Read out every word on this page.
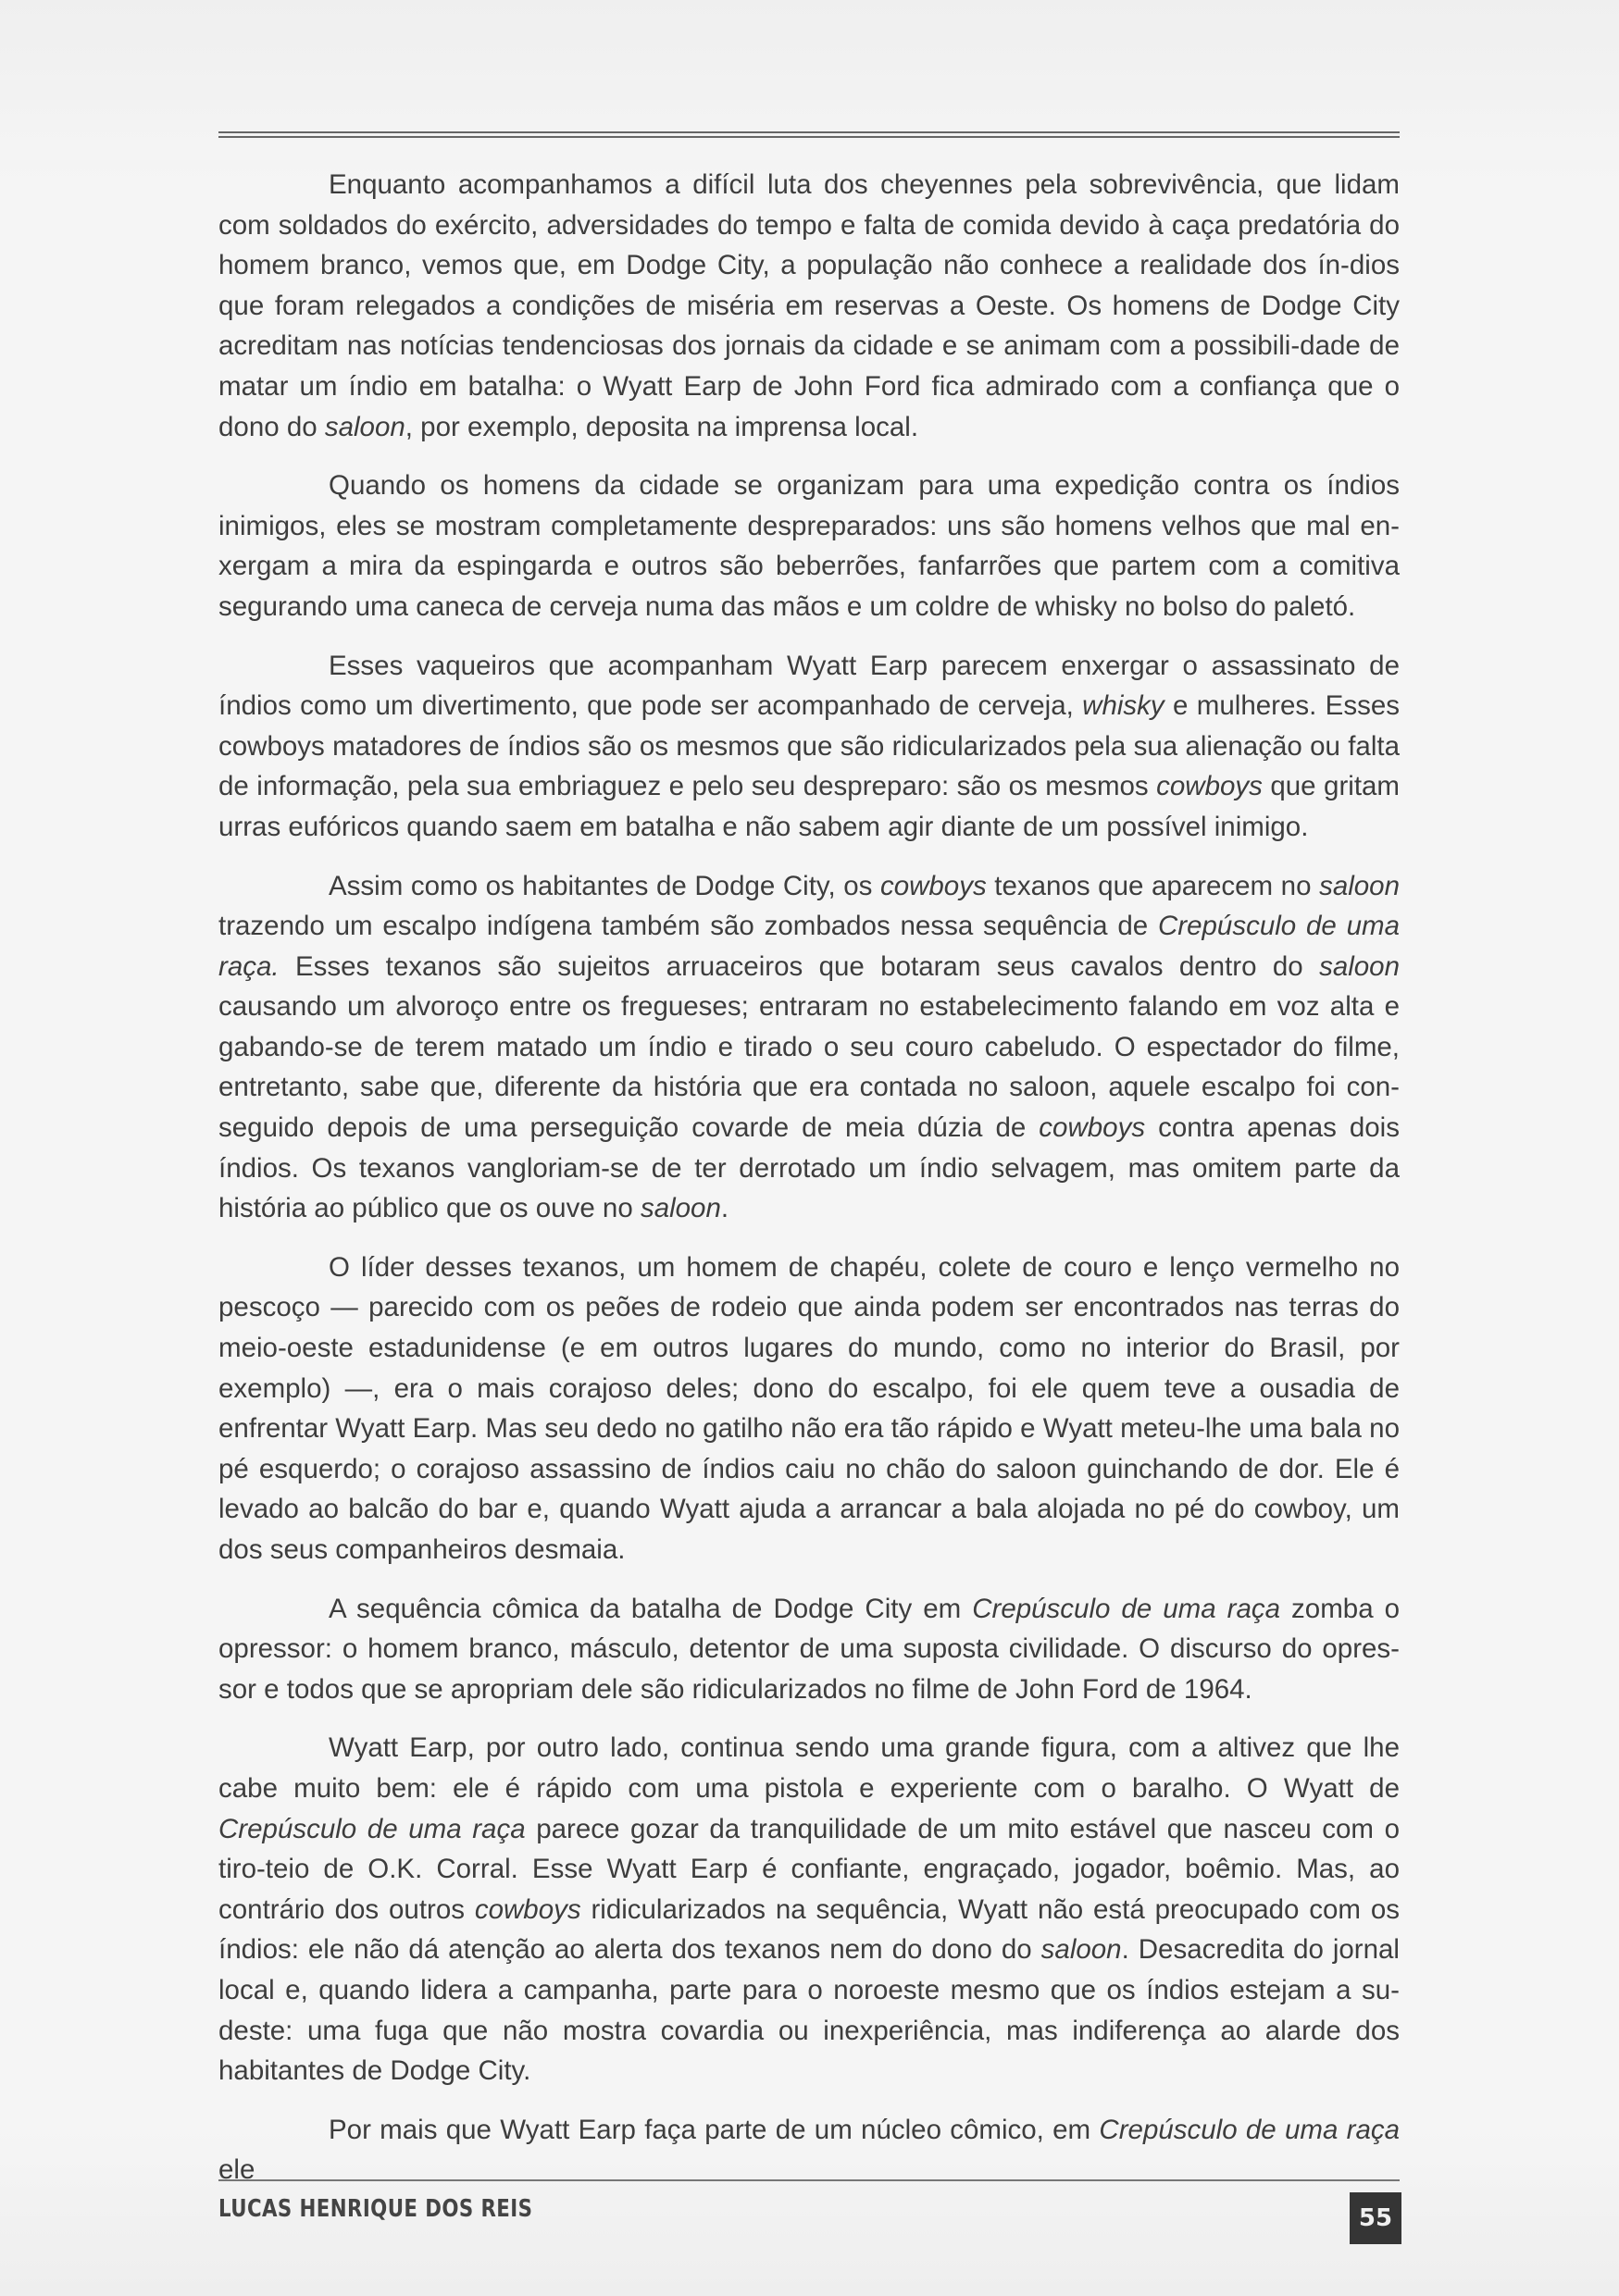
Enquanto acompanhamos a difícil luta dos cheyennes pela sobrevivência, que lidam com soldados do exército, adversidades do tempo e falta de comida devido à caça predatória do homem branco, vemos que, em Dodge City, a população não conhece a realidade dos ín-dios que foram relegados a condições de miséria em reservas a Oeste. Os homens de Dodge City acreditam nas notícias tendenciosas dos jornais da cidade e se animam com a possibili-dade de matar um índio em batalha: o Wyatt Earp de John Ford fica admirado com a confiança que o dono do saloon, por exemplo, deposita na imprensa local.

Quando os homens da cidade se organizam para uma expedição contra os índios inimigos, eles se mostram completamente despreparados: uns são homens velhos que mal en-xergam a mira da espingarda e outros são beberrões, fanfarrões que partem com a comitiva segurando uma caneca de cerveja numa das mãos e um coldre de whisky no bolso do paletó.

Esses vaqueiros que acompanham Wyatt Earp parecem enxergar o assassinato de índios como um divertimento, que pode ser acompanhado de cerveja, whisky e mulheres. Esses cowboys matadores de índios são os mesmos que são ridicularizados pela sua alienação ou falta de informação, pela sua embriaguez e pelo seu despreparo: são os mesmos cowboys que gritam urras eufóricos quando saem em batalha e não sabem agir diante de um possível inimigo.

Assim como os habitantes de Dodge City, os cowboys texanos que aparecem no saloon trazendo um escalpo indígena também são zombados nessa sequência de Crepúsculo de uma raça. Esses texanos são sujeitos arruaceiros que botaram seus cavalos dentro do saloon causando um alvoroço entre os fregueses; entraram no estabelecimento falando em voz alta e gabando-se de terem matado um índio e tirado o seu couro cabeludo. O espectador do filme, entretanto, sabe que, diferente da história que era contada no saloon, aquele escalpo foi con-seguido depois de uma perseguição covarde de meia dúzia de cowboys contra apenas dois índios. Os texanos vangloriam-se de ter derrotado um índio selvagem, mas omitem parte da história ao público que os ouve no saloon.

O líder desses texanos, um homem de chapéu, colete de couro e lenço vermelho no pescoço — parecido com os peões de rodeio que ainda podem ser encontrados nas terras do meio-oeste estadunidense (e em outros lugares do mundo, como no interior do Brasil, por exemplo) —, era o mais corajoso deles; dono do escalpo, foi ele quem teve a ousadia de enfrentar Wyatt Earp. Mas seu dedo no gatilho não era tão rápido e Wyatt meteu-lhe uma bala no pé esquerdo; o corajoso assassino de índios caiu no chão do saloon guinchando de dor. Ele é levado ao balcão do bar e, quando Wyatt ajuda a arrancar a bala alojada no pé do cowboy, um dos seus companheiros desmaia.

A sequência cômica da batalha de Dodge City em Crepúsculo de uma raça zomba o opressor: o homem branco, másculo, detentor de uma suposta civilidade. O discurso do opres-sor e todos que se apropriam dele são ridicularizados no filme de John Ford de 1964.

Wyatt Earp, por outro lado, continua sendo uma grande figura, com a altivez que lhe cabe muito bem: ele é rápido com uma pistola e experiente com o baralho. O Wyatt de Crepúsculo de uma raça parece gozar da tranquilidade de um mito estável que nasceu com o tiro-teio de O.K. Corral. Esse Wyatt Earp é confiante, engraçado, jogador, boêmio. Mas, ao contrário dos outros cowboys ridicularizados na sequência, Wyatt não está preocupado com os índios: ele não dá atenção ao alerta dos texanos nem do dono do saloon. Desacredita do jornal local e, quando lidera a campanha, parte para o noroeste mesmo que os índios estejam a su-deste: uma fuga que não mostra covardia ou inexperiência, mas indiferença ao alarde dos habitantes de Dodge City.

Por mais que Wyatt Earp faça parte de um núcleo cômico, em Crepúsculo de uma raça ele

LUCAS HENRIQUE DOS REIS	55
